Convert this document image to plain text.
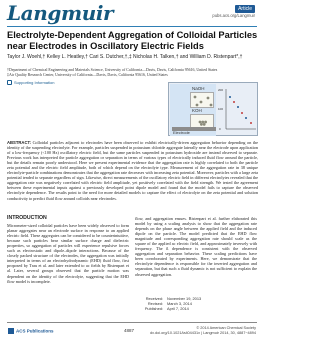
Langmuir	Article
pubs.acs.org/Langmuir
Electrolyte-Dependent Aggregation of Colloidal Particles near Electrodes in Oscillatory Electric Fields
Taylor J. Woehl,† Kelley L. Heatley,† Cari S. Dutcher,†,‡ Nicholas H. Talken,† and William D. Ristenpart*,†
†Department of Chemical Engineering and Materials Science, University of California—Davis, Davis, California 95616, United States
‡Air Quality Research Center, University of California—Davis, Davis, California 95616, United States
Supporting Information
NaOH
KOH
Electrode
0
100
200
ABSTRACT: Colloidal particles adjacent to electrodes have been observed to exhibit electrically-driven aggregation behavior depending on the identity of the suspending electrolyte. For example, particles suspended in potassium chloride aggregate laterally near the electrode upon application of a low-frequency (<100 Hz) oscillatory electric field, but the same particles suspended in potassium hydroxide are instead observed to separate. Previous work has interpreted the particle aggregation or separation in terms of various types of electrically induced fluid flow around the particle, but the details remain poorly understood. Here we present experimental evidence that the aggregation rate is highly correlated to both the particle zeta potential and the electric field amplitude, both of which depend on the electrolyte type. Measurement of the aggregation rate in 38 unique electrolyte-particle combinations demonstrates that the aggregation rate decreases with increasing zeta potential. Moreover, particles with a large zeta potential tended to separate regardless of sign. Likewise, direct measurements of the oscillatory electric field in different electrolytes revealed that the aggregation rate was negatively correlated with electric field amplitude, yet positively correlated with the field strength. We tested the agreement between these experimental inputs against a previously developed point dipole model and found that the model fails to capture the observed electrolyte dependence. The results point to the need for more detailed models to capture the effect of electrolyte on the zeta potential and solution conductivity to predict fluid flow around colloids near electrodes.
INTRODUCTION
Micrometer-sized colloidal particles have been widely observed to form planar aggregates near an electrode surface in response to an applied electric field. These aggregates can be considered to be counterintuitive, because such particles bear similar surface charge and dielectric properties, so aggregation of particles will experience repulsive forces such as electrostatic and dipole–dipole interactions. Because of the closely packed structure of the electrodes, the aggregation was initially interpreted in terms of an electrohydrodynamic (EHD) fluid flow, first proposed by Trau et al. and later extended to ac fields by Ristenpart et al. Later, several groups observed that the particle motion was dependent on the identity of the electrolyte, suggesting that the EHD flow model is incomplete.
flow, and aggregation ensues. Ristenpart et al. further elaborated this model by using a scaling analysis to show that the aggregation rate depends on the phase angle between the applied field and the induced dipole on the particle. The model predicted that the EHD flow magnitude and corresponding aggregation rate should scale as the square of the applied ac electric field, and approximately inversely with frequency. The ß dependence is consistent with the observed aggregation and separation behavior. These scaling predictions have been corroborated by experiments. Here, we demonstrate that the electrolyte dependence is responsible for the inverted aggregation and separation, but that such a fluid dynamic is not sufficient to explain the observed aggregation.
Received: November 19, 2013
Revised: March 3, 2014
Published: April 7, 2014
ACS Publications	4887	© 2014 American Chemical Society
dx.doi.org/10.1021/la404431x | Langmuir 2014, 30, 4887−4894
